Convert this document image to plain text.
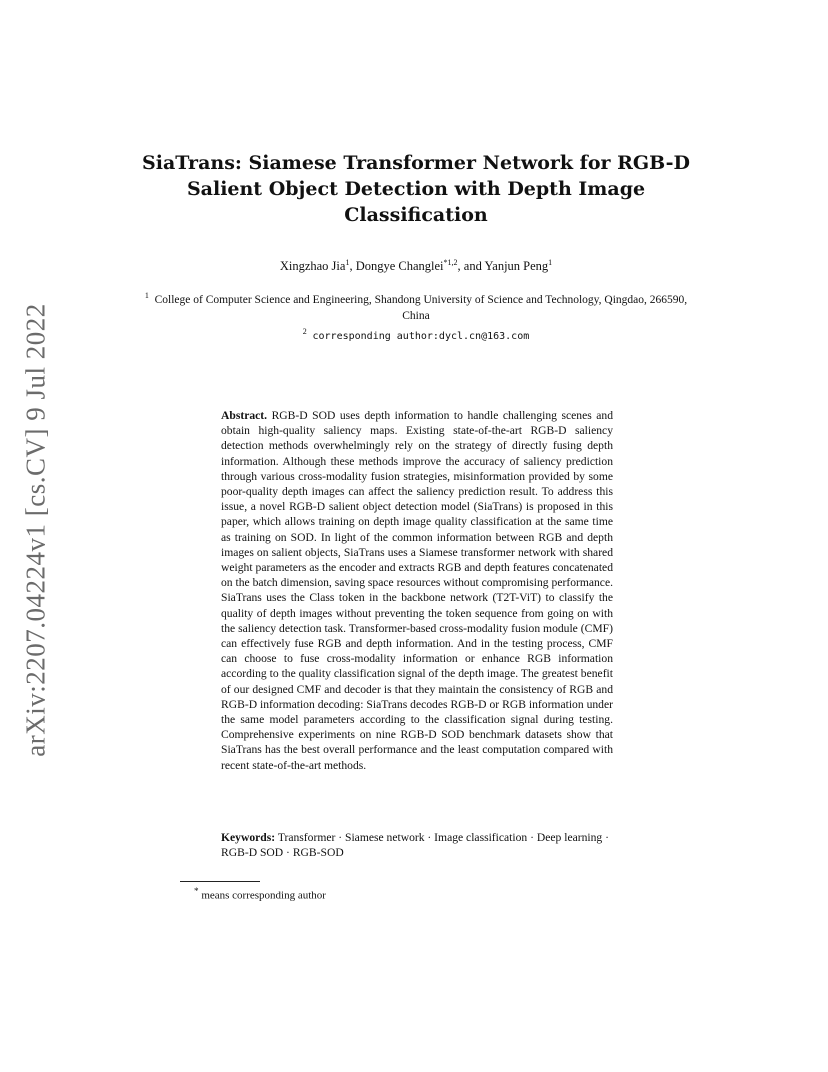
arXiv:2207.04224v1 [cs.CV] 9 Jul 2022
SiaTrans: Siamese Transformer Network for RGB-D Salient Object Detection with Depth Image Classification
Xingzhao Jia$^1$, Dongye Changlei$^{*1,2}$, and Yanjun Peng$^1$
$^1$ College of Computer Science and Engineering, Shandong University of Science and Technology, Qingdao, 266590, China
$^2$ corresponding author:dycl.cn@163.com
Abstract. RGB-D SOD uses depth information to handle challenging scenes and obtain high-quality saliency maps. Existing state-of-the-art RGB-D saliency detection methods overwhelmingly rely on the strategy of directly fusing depth information. Although these methods improve the accuracy of saliency prediction through various cross-modality fusion strategies, misinformation provided by some poor-quality depth images can affect the saliency prediction result. To address this issue, a novel RGB-D salient object detection model (SiaTrans) is proposed in this paper, which allows training on depth image quality classification at the same time as training on SOD. In light of the common information between RGB and depth images on salient objects, SiaTrans uses a Siamese transformer network with shared weight parameters as the encoder and extracts RGB and depth features concatenated on the batch dimension, saving space resources without compromising performance. SiaTrans uses the Class token in the backbone network (T2T-ViT) to classify the quality of depth images without preventing the token sequence from going on with the saliency detection task. Transformer-based cross-modality fusion module (CMF) can effectively fuse RGB and depth information. And in the testing process, CMF can choose to fuse cross-modality information or enhance RGB information according to the quality classification signal of the depth image. The greatest benefit of our designed CMF and decoder is that they maintain the consistency of RGB and RGB-D information decoding: SiaTrans decodes RGB-D or RGB information under the same model parameters according to the classification signal during testing. Comprehensive experiments on nine RGB-D SOD benchmark datasets show that SiaTrans has the best overall performance and the least computation compared with recent state-of-the-art methods.
Keywords: Transformer · Siamese network · Image classification · Deep learning · RGB-D SOD · RGB-SOD
* means corresponding author
